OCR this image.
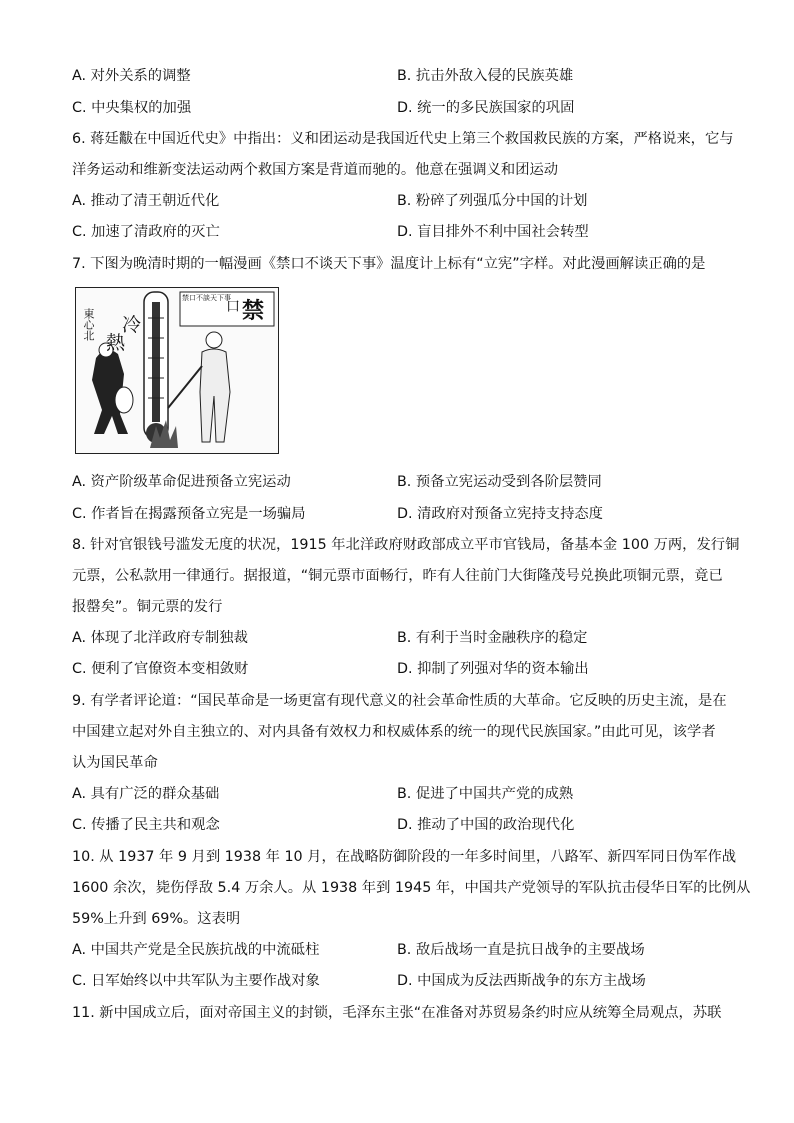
A. 对外关系的调整	B. 抗击外敌入侵的民族英雄
C. 中央集权的加强	D. 统一的多民族国家的巩固
6. 蒋廷黻在中国近代史》中指出：义和团运动是我国近代史上第三个救国救民族的方案，严格说来，它与
洋务运动和维新变法运动两个救国方案是背道而驰的。他意在强调义和团运动
A. 推动了清王朝近代化	B. 粉碎了列强瓜分中国的计划
C. 加速了清政府的灭亡	D. 盲目排外不利中国社会转型
7. 下图为晚清时期的一幅漫画《禁口不谈天下事》温度计上标有“立宪”字样。对此漫画解读正确的是
熱
冷
東心北
禁口不談天下事
口 禁
A. 资产阶级革命促进预备立宪运动	B. 预备立宪运动受到各阶层赞同
C. 作者旨在揭露预备立宪是一场骗局	D. 清政府对预备立宪持支持态度
8. 针对官银钱号滥发无度的状况，1915 年北洋政府财政部成立平市官钱局，备基本金 100 万两，发行铜
元票，公私款用一律通行。据报道，“铜元票市面畅行，昨有人往前门大街隆茂号兑换此项铜元票，竟已
报罄矣”。铜元票的发行
A. 体现了北洋政府专制独裁	B. 有利于当时金融秩序的稳定
C. 便利了官僚资本变相敛财	D. 抑制了列强对华的资本输出
9. 有学者评论道：“国民革命是一场更富有现代意义的社会革命性质的大革命。它反映的历史主流，是在
中国建立起对外自主独立的、对内具备有效权力和权威体系的统一的现代民族国家。”由此可见，该学者
认为国民革命
A. 具有广泛的群众基础	B. 促进了中国共产党的成熟
C. 传播了民主共和观念	D. 推动了中国的政治现代化
10. 从 1937 年 9 月到 1938 年 10 月，在战略防御阶段的一年多时间里，八路军、新四军同日伪军作战
1600 余次，毙伤俘敌 5.4 万余人。从 1938 年到 1945 年，中国共产党领导的军队抗击侵华日军的比例从
59%上升到 69%。这表明
A. 中国共产党是全民族抗战的中流砥柱	B. 敌后战场一直是抗日战争的主要战场
C. 日军始终以中共军队为主要作战对象	D. 中国成为反法西斯战争的东方主战场
11. 新中国成立后，面对帝国主义的封锁，毛泽东主张“在准备对苏贸易条约时应从统筹全局观点，苏联
